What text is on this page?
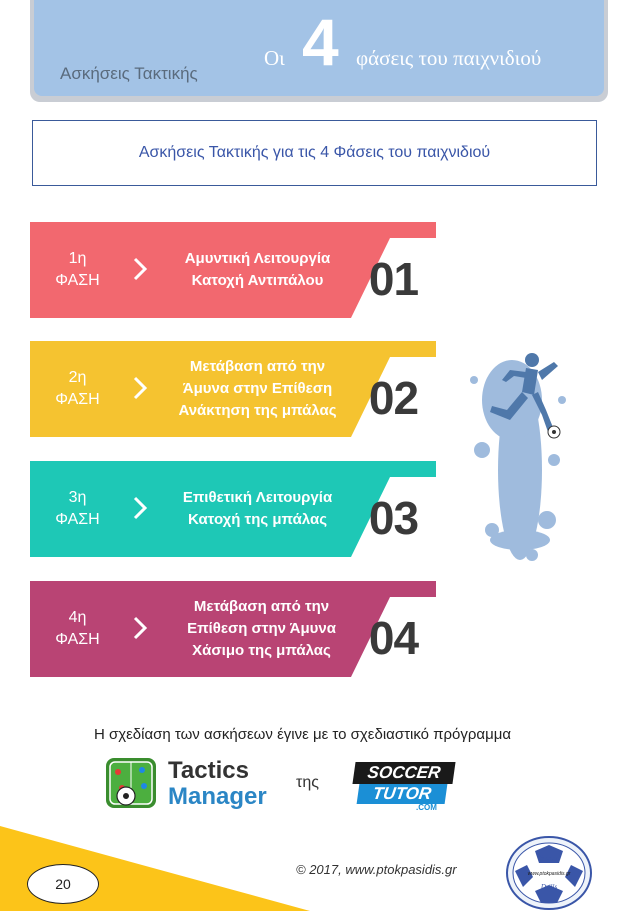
Ασκήσεις Τακτικής
Οι 4 φάσεις του παιχνιδιού
Ασκήσεις Τακτικής για τις 4 Φάσεις του παιχνιδιού
1η
ΦΑΣΗ
Αμυντική Λειτουργία
Κατοχή Αντιπάλου 01
2η
ΦΑΣΗ
Μετάβαση από την
Άμυνα στην Επίθεση
Ανάκτηση της μπάλας 02
3η
ΦΑΣΗ
Επιθετική Λειτουργία
Κατοχή της μπάλας 03
4η
ΦΑΣΗ
Μετάβαση από την
Επίθεση στην Άμυνα
Χάσιμο της μπάλας 04
Η σχεδίαση των ασκήσεων έγινε με το σχεδιαστικό πρόγραμμα
Tactics
Manager
της
SOCCER
TUTOR
.COM
20
© 2017, www.ptokpasidis.gr
Soccer
www.ptokpasidis.gr
Drills
